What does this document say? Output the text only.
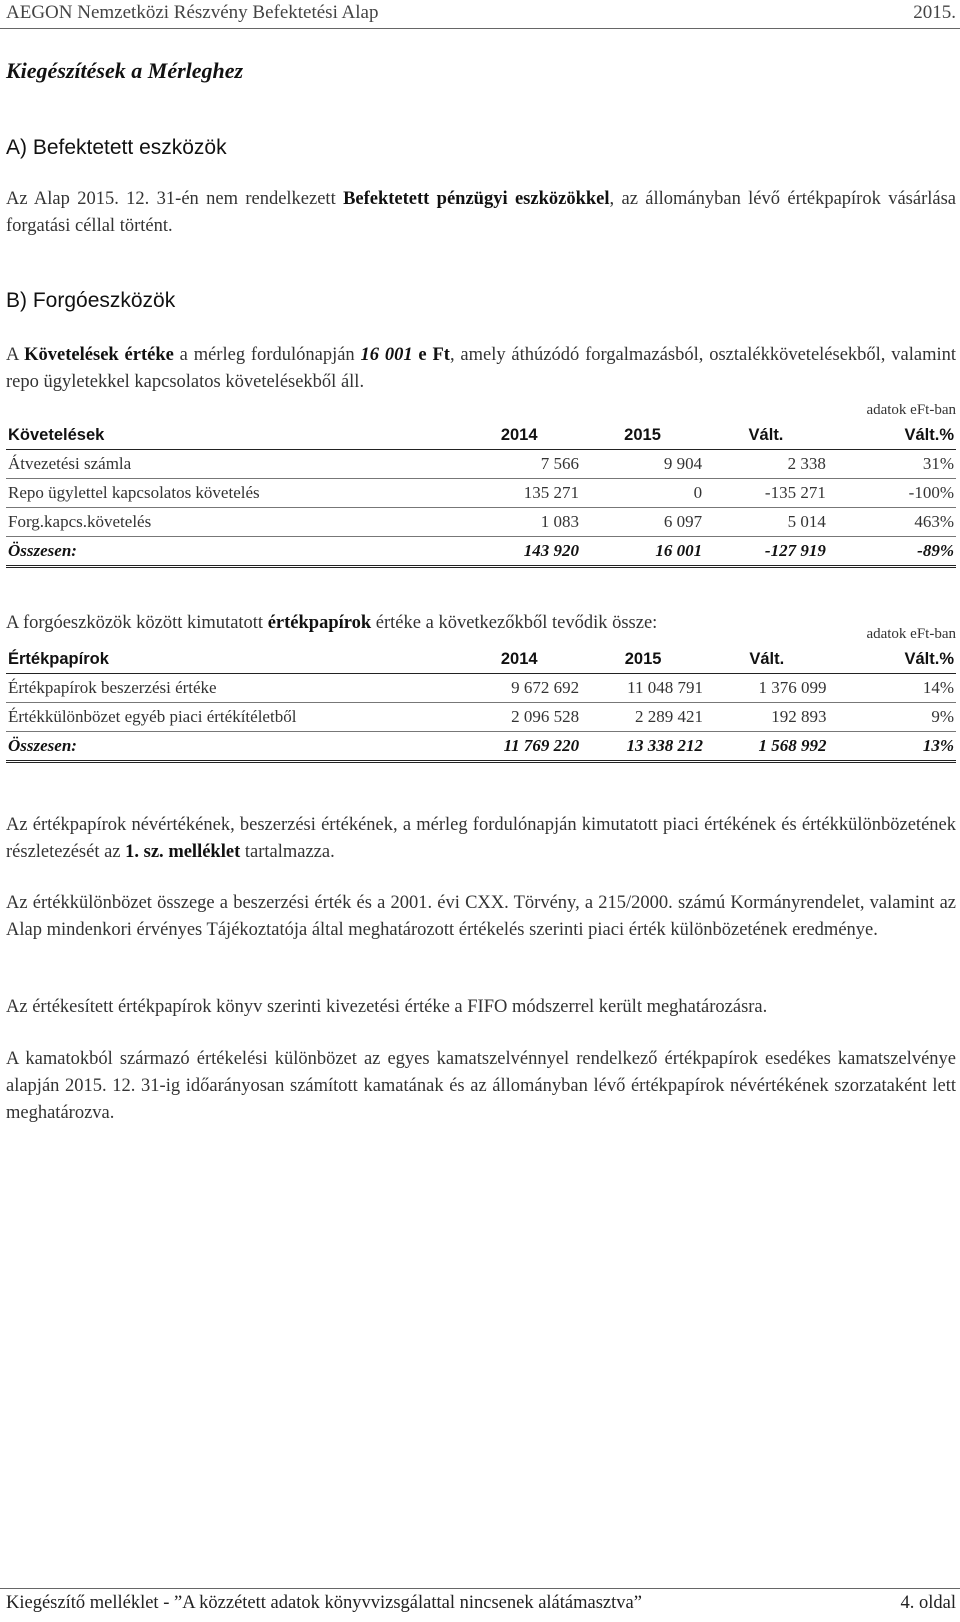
AEGON Nemzetközi Részvény Befektetési Alap	2015.
Kiegészítések a Mérleghez
A) Befektetett eszközök
Az Alap 2015. 12. 31-én nem rendelkezett Befektetett pénzügyi eszközökkel, az állományban lévő értékpapírok vásárlása forgatási céllal történt.
B) Forgóeszközök
A Követelések értéke a mérleg fordulónapján 16 001 e Ft, amely áthúzódó forgalmazásból, osztalékkövetelésekből, valamint repo ügyletekkel kapcsolatos követelésekből áll.
adatok eFt-ban
Követelések	2014	2015	Vált.	Vált.%
Átvezetési számla	7 566	9 904	2 338	31%
Repo ügylettel kapcsolatos követelés	135 271	0	-135 271	-100%
Forg.kapcs.követelés	1 083	6 097	5 014	463%
Összesen:	143 920	16 001	-127 919	-89%
A forgóeszközök között kimutatott értékpapírok értéke a következőkből tevődik össze:
adatok eFt-ban
Értékpapírok	2014	2015	Vált.	Vált.%
Értékpapírok beszerzési értéke	9 672 692	11 048 791	1 376 099	14%
Értékkülönbözet egyéb piaci értékítéletből	2 096 528	2 289 421	192 893	9%
Összesen:	11 769 220	13 338 212	1 568 992	13%
Az értékpapírok névértékének, beszerzési értékének, a mérleg fordulónapján kimutatott piaci értékének és értékkülönbözetének részletezését az 1. sz. melléklet tartalmazza.
Az értékkülönbözet összege a beszerzési érték és a 2001. évi CXX. Törvény, a 215/2000. számú Kormányrendelet, valamint az Alap mindenkori érvényes Tájékoztatója által meghatározott értékelés szerinti piaci érték különbözetének eredménye.
Az értékesített értékpapírok könyv szerinti kivezetési értéke a FIFO módszerrel került meghatározásra.
A kamatokból származó értékelési különbözet az egyes kamatszelvénnyel rendelkező értékpapírok esedékes kamatszelvénye alapján 2015. 12. 31-ig időarányosan számított kamatának és az állományban lévő értékpapírok névértékének szorzataként lett meghatározva.
Kiegészítő melléklet - ”A közzétett adatok könyvvizsgálattal nincsenek alátámasztva”	4. oldal
